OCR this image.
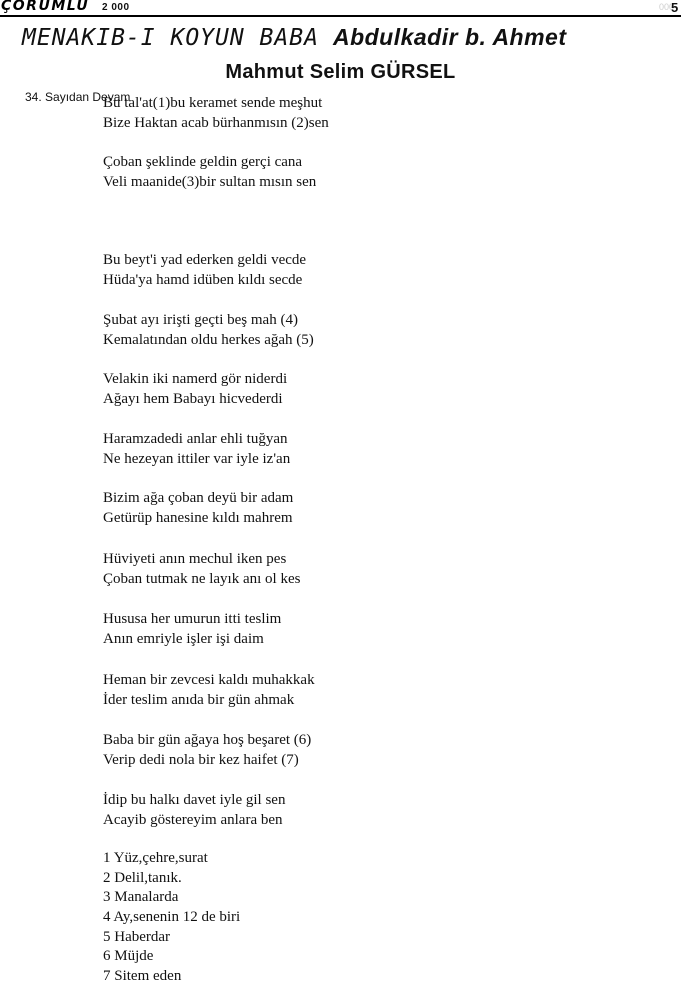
ÇORUMLU 2 000	000
5
MENAKIB-I KOYUN BABA Abdulkadir b. Ahmet
Mahmut Selim GÜRSEL
34. Sayıdan Devam
Bu tal'at(1)bu keramet sende meşhut
Bize Haktan acab bürhanmısın (2)sen
Çoban şeklinde geldin gerçi cana
Veli maanide(3)bir sultan mısın sen
Bu beyt'i yad ederken geldi vecde
Hüda'ya hamd idüben kıldı secde
Şubat ayı irişti geçti beş mah (4)
Kemalatından oldu herkes ağah (5)
Velakin iki namerd gör niderdi
Ağayı hem Babayı hicvederdi
Haramzadedi anlar ehli tuğyan
Ne hezeyan ittiler var iyle iz'an
Bizim ağa çoban deyü bir adam
Getürüp hanesine kıldı mahrem
Hüviyeti anın mechul iken pes
Çoban tutmak ne layık anı ol kes
Hususa her umurun itti teslim
Anın emriyle işler işi daim
Heman bir zevcesi kaldı muhakkak
İder teslim anıda bir gün ahmak
Baba bir gün ağaya hoş beşaret (6)
Verip dedi nola bir kez haifet (7)
İdip bu halkı davet iyle gil sen
Acayib göstereyim anlara ben
1 Yüz,çehre,surat
2 Delil,tanık.
3 Manalarda
4 Ay,senenin 12 de biri
5 Haberdar
6 Müjde
7 Sitem eden
